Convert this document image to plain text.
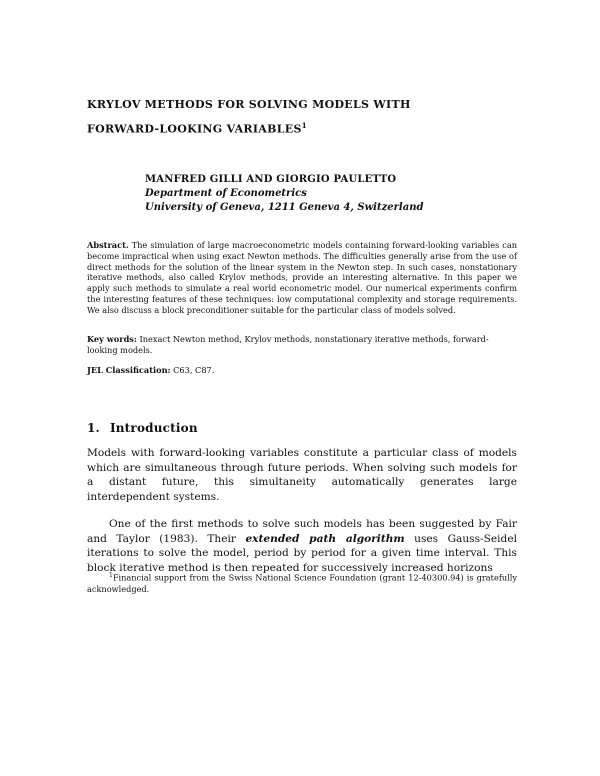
KRYLOV METHODS FOR SOLVING MODELS WITH
FORWARD-LOOKING VARIABLES$^1$
MANFRED GILLI AND GIORGIO PAULETTO
Department of Econometrics
University of Geneva, 1211 Geneva 4, Switzerland
Abstract. The simulation of large macroeconometric models containing forward-looking variables can become impractical when using exact Newton methods. The difficulties generally arise from the use of direct methods for the solution of the linear system in the Newton step. In such cases, nonstationary iterative methods, also called Krylov methods, provide an interesting alternative. In this paper we apply such methods to simulate a real world econometric model. Our numerical experiments confirm the interesting features of these techniques: low computational complexity and storage requirements. We also discuss a block preconditioner suitable for the particular class of models solved.
Key words: Inexact Newton method, Krylov methods, nonstationary iterative methods, forward-looking models.
JEL Classification: C63, C87.
1. Introduction
Models with forward-looking variables constitute a particular class of models which are simultaneous through future periods. When solving such models for a distant future, this simultaneity automatically generates large interdependent systems.
One of the first methods to solve such models has been suggested by Fair and Taylor (1983). Their extended path algorithm uses Gauss-Seidel iterations to solve the model, period by period for a given time interval. This block iterative method is then repeated for successively increased horizons
$^1$Financial support from the Swiss National Science Foundation (grant 12-40300.94) is gratefully acknowledged.
